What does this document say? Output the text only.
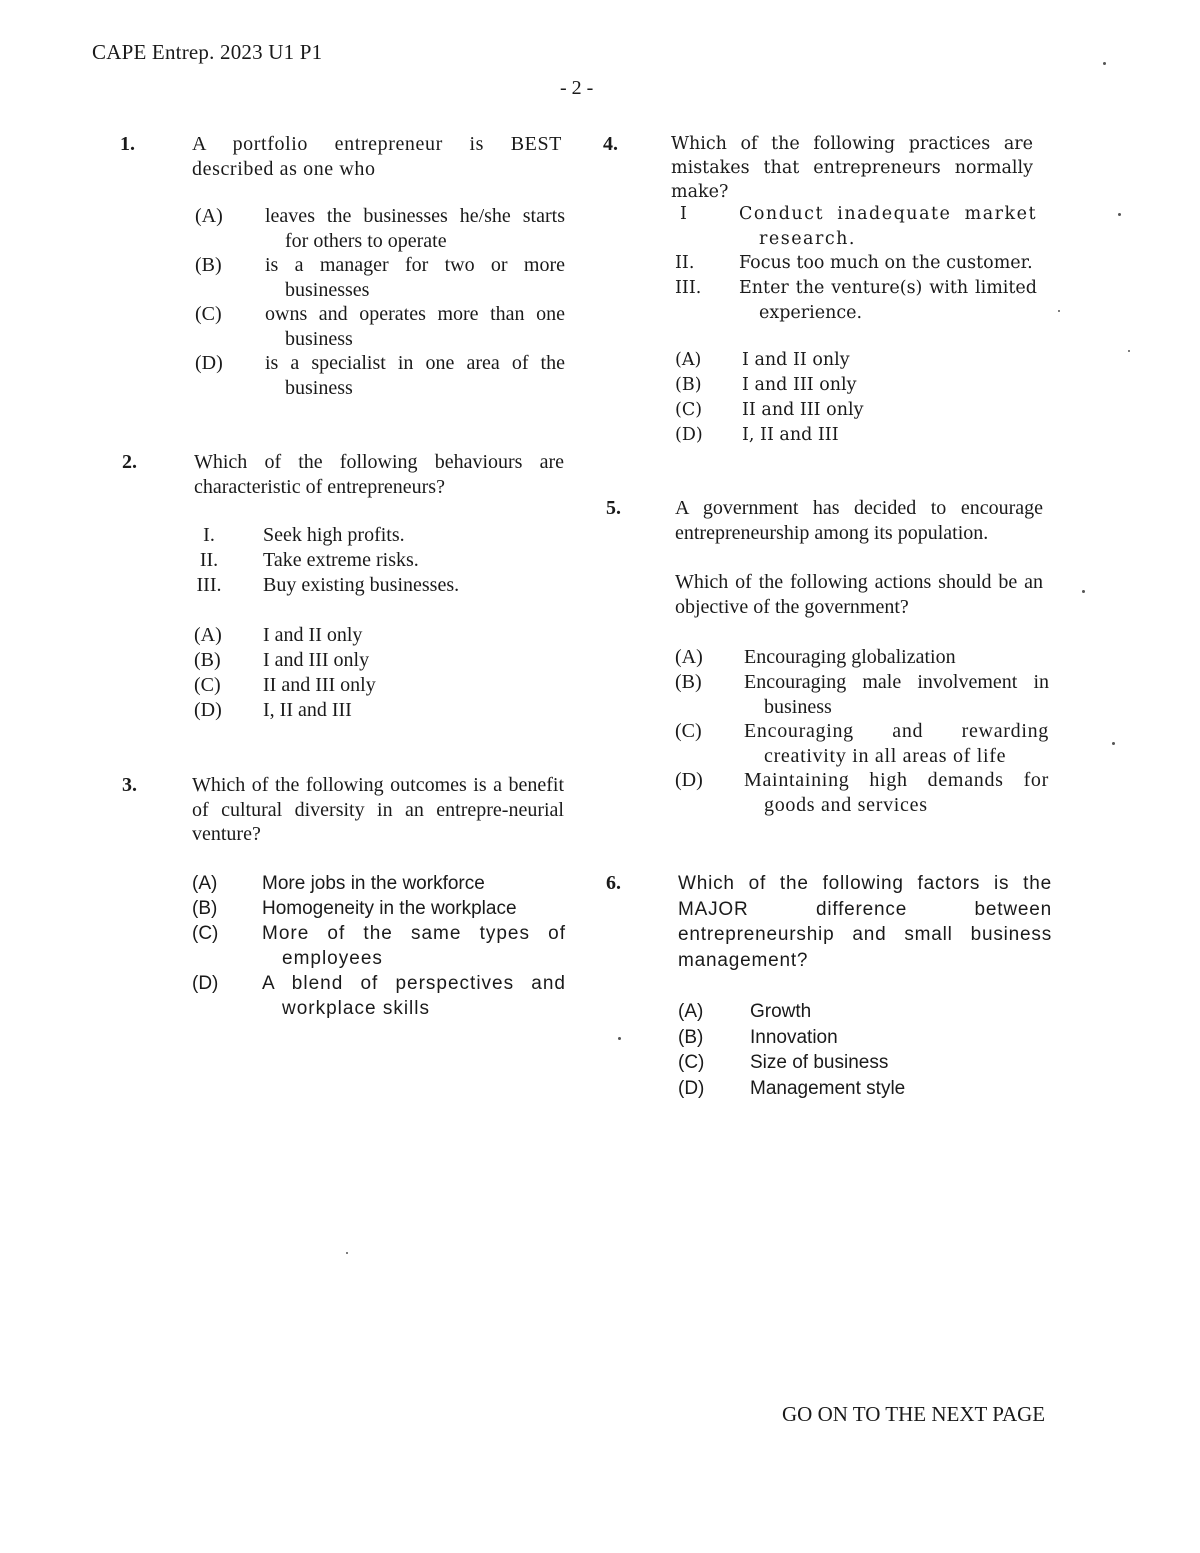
CAPE Entrep. 2023 U1 P1
- 2 -
1.	A portfolio entrepreneur is BEST described as one who

(A) leaves the businesses he/she starts for others to operate
(B) is a manager for two or more businesses
(C) owns and operates more than one business
(D) is a specialist in one area of the business
2.	Which of the following behaviours are characteristic of entrepreneurs?

I.	Seek high profits.
II. Take extreme risks.
III. Buy existing businesses.
(A) I and II only
(B) I and III only
(C) II and III only
(D) I, II and III
3.	Which of the following outcomes is a benefit of cultural diversity in an entrepre-neurial venture?

(A) More jobs in the workforce
(B) Homogeneity in the workplace
(C) More of the same types of employees
(D) A blend of perspectives and workplace skills
4.	Which of the following practices are mistakes that entrepreneurs normally make?

I	Conduct inadequate market research.
II.	Focus too much on the customer.
III. Enter the venture(s) with limited experience.
(A) I and II only
(B) I and III only
(C) II and III only
(D) I, II and III
5.	A government has decided to encourage entrepreneurship among its population.

Which of the following actions should be an objective of the government?

(A) Encouraging globalization
(B) Encouraging male involvement in business
(C) Encouraging and rewarding creativity in all areas of life
(D) Maintaining high demands for goods and services
6.	Which of the following factors is the MAJOR difference between entrepreneurship and small business management?

(A) Growth
(B) Innovation
(C) Size of business
(D) Management style
GO ON TO THE NEXT PAGE
